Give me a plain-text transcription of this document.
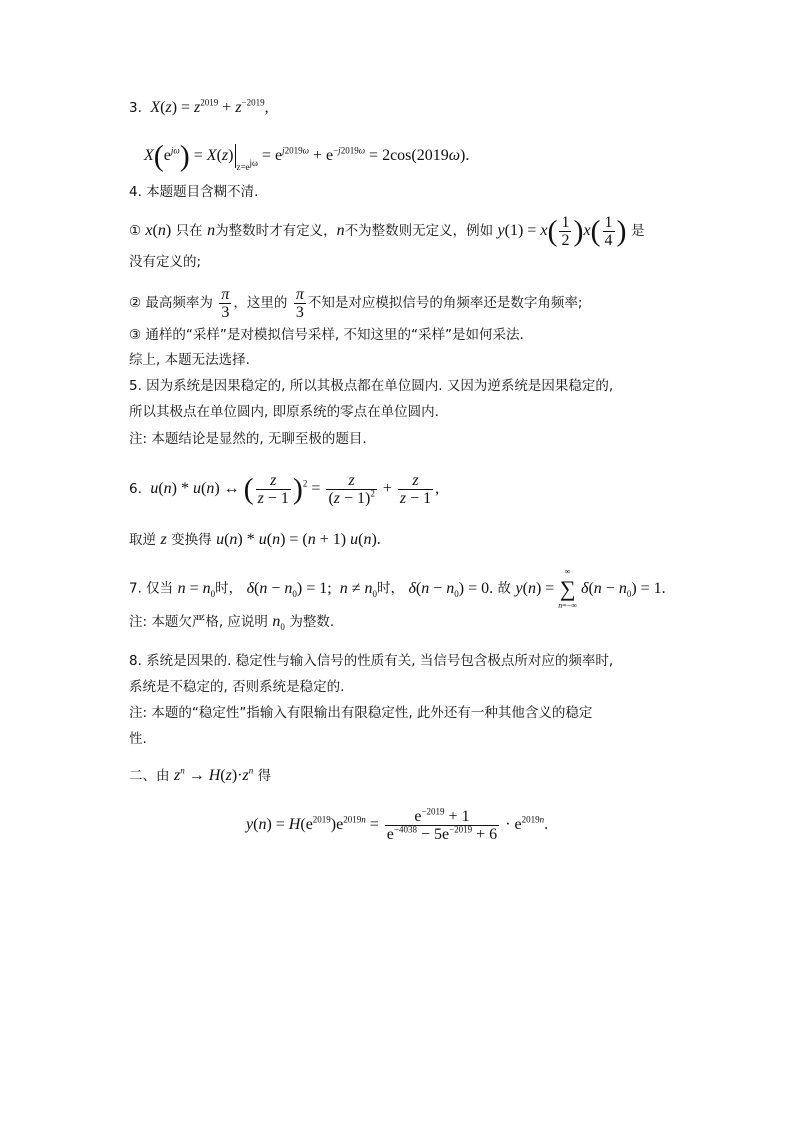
3. $X(z) = z^{2019} + z^{-2019}$,
$X(e^{j\omega}) = X(z)_{z=e^{j\omega}} = e^{j2019\omega} + e^{-j2019\omega} = 2\cos(2019\omega)$.
4. 本题题目含糊不清.
① x(n) 只在 n为整数时才有定义，n不为整数则无定义，例如 $y(1) = x( \frac{1}{2} )x( \frac{1}{4}$ ) 是
没有定义的;
② 最高频率为 $\frac{\pi}{3}$ ，这里的 $\frac{\pi}{3}$ 不知是对应模拟信号的角频率还是数字角频率;
③ 通样的“采样”是对模拟信号采样, 不知这里的“采样”是如何采法.
综上, 本题无法选择.
5. 因为系统是因果稳定的, 所以其极点都在单位圆内. 又因为逆系统是因果稳定的,
所以其极点在单位圆内, 即原系统的零点在单位圆内.
注: 本题结论是显然的, 无聊至极的题目.
6. u(n) * u(n) ↔ ( $\frac{z}{z - 1} )^2 = \frac{z}{(z - 1)^2} + \frac{z}{z - 1}$ ,
取逆 z 变换得 u(n) * u(n) = (n + 1) u(n).
7. 仅当 $n = n_0$时， $\delta(n - n_0) = 1$;  $n \ne n_0$时， $\delta(n - n_0) = 0$. 故 y(n) =
∞
∑
n=−∞
$\delta(n - n_0) = 1$.
注: 本题欠严格, 应说明 $n_0$ 为整数.
8. 系统是因果的. 稳定性与输入信号的性质有关, 当信号包含极点所对应的频率时,
系统是不稳定的, 否则系统是稳定的.
注: 本题的“稳定性”指输入有限输出有限稳定性, 此外还有一种其他含义的稳定
性.
二、由 $z^n \to H(z)\cdot z^n$ 得
$y(n) = H(e^{2019})e^{2019n} = \frac{e^{-2019} + 1}{e^{-4038} - 5e^{-2019} + 6} \cdot e^{2019n}$.
